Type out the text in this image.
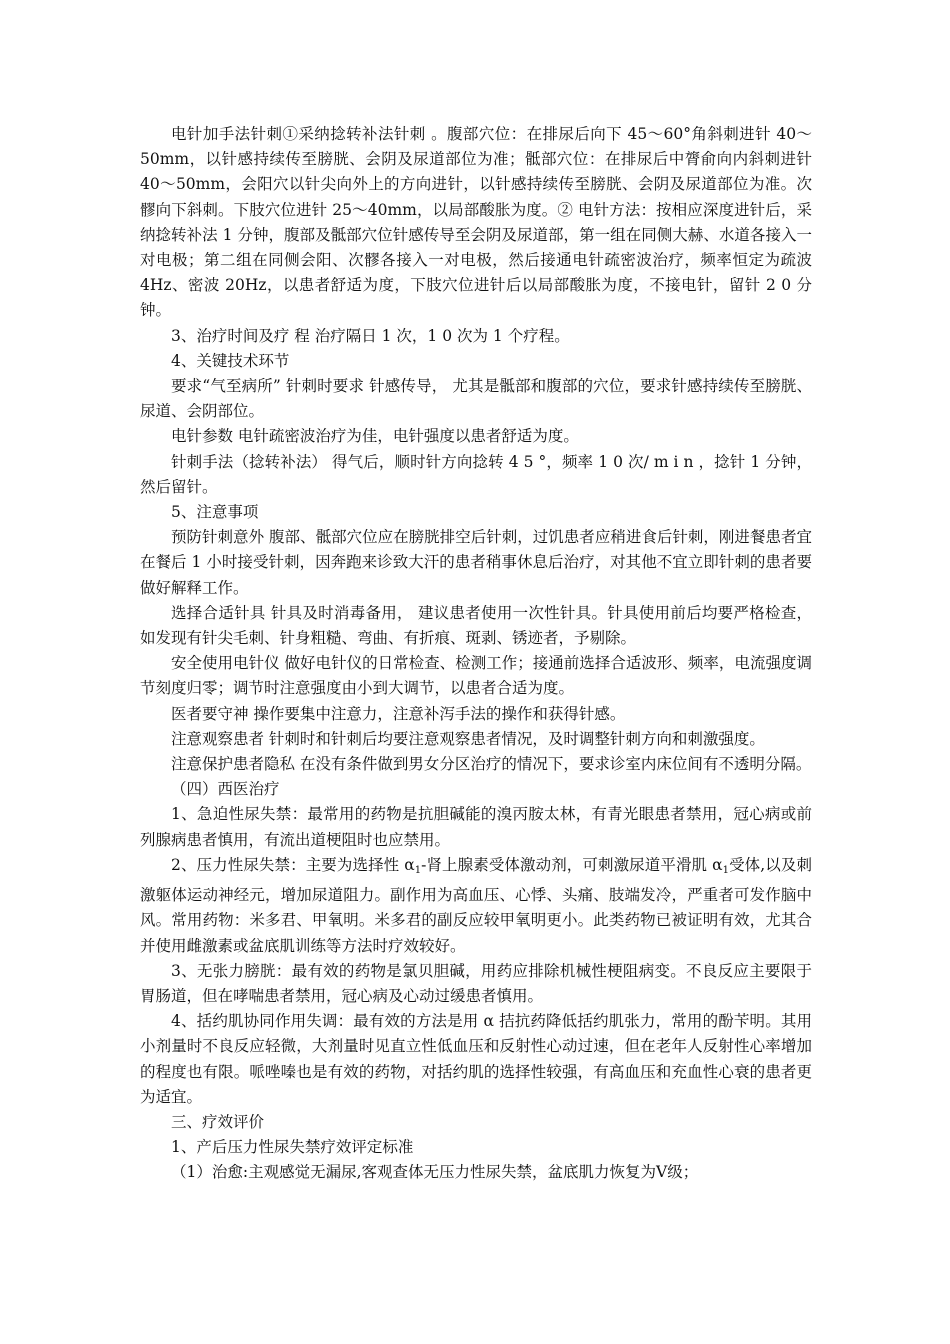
电针加手法针刺①采纳捻转补法针刺 。腹部穴位：在排尿后向下 45～60°角斜刺进针 40～50mm，以针感持续传至膀胱、会阴及尿道部位为准；骶部穴位：在排尿后中膂俞向内斜刺进针 40～50mm，会阳穴以针尖向外上的方向进针，以针感持续传至膀胱、会阴及尿道部位为准。次髎向下斜刺。下肢穴位进针 25～40mm，以局部酸胀为度。② 电针方法：按相应深度进针后，采纳捻转补法 1 分钟，腹部及骶部穴位针感传导至会阴及尿道部，第一组在同侧大赫、水道各接入一对电极；第二组在同侧会阳、次髎各接入一对电极，然后接通电针疏密波治疗，频率恒定为疏波 4Hz、密波 20Hz，以患者舒适为度，下肢穴位进针后以局部酸胀为度，不接电针，留针 2 0 分钟。

3、治疗时间及疗 程 治疗隔日 1 次，1 0 次为 1 个疗程。

4、关键技术环节

要求“气至病所” 针刺时要求 针感传导， 尤其是骶部和腹部的穴位，要求针感持续传至膀胱、尿道、会阴部位。

电针参数 电针疏密波治疗为佳，电针强度以患者舒适为度。

针刺手法（捻转补法） 得气后，顺时针方向捻转 4 5 °，频率 1 0 次/ m i n ，捻针 1 分钟，然后留针。

5、注意事项

预防针刺意外 腹部、骶部穴位应在膀胱排空后针刺，过饥患者应稍进食后针刺，刚进餐患者宜在餐后 1 小时接受针刺，因奔跑来诊致大汗的患者稍事休息后治疗，对其他不宜立即针刺的患者要做好解释工作。

选择合适针具 针具及时消毒备用， 建议患者使用一次性针具。针具使用前后均要严格检查，如发现有针尖毛刺、针身粗糙、弯曲、有折痕、斑剥、锈迹者，予剔除。

安全使用电针仪 做好电针仪的日常检查、检测工作；接通前选择合适波形、频率，电流强度调节刻度归零；调节时注意强度由小到大调节，以患者合适为度。

医者要守神 操作要集中注意力，注意补泻手法的操作和获得针感。

注意观察患者 针刺时和针刺后均要注意观察患者情况，及时调整针刺方向和刺激强度。

注意保护患者隐私 在没有条件做到男女分区治疗的情况下，要求诊室内床位间有不透明分隔。

（四）西医治疗

1、急迫性尿失禁：最常用的药物是抗胆碱能的溴丙胺太林，有青光眼患者禁用，冠心病或前列腺病患者慎用，有流出道梗阻时也应禁用。

2、压力性尿失禁：主要为选择性 $\alpha_1-$肾上腺素受体激动剂，可刺激尿道平滑肌 $\alpha_1$受体,以及刺激躯体运动神经元，增加尿道阻力。副作用为高血压、心悸、头痛、肢端发冷，严重者可发作脑中风。常用药物：米多君、甲氧明。米多君的副反应较甲氧明更小。此类药物已被证明有效，尤其合并使用雌激素或盆底肌训练等方法时疗效较好。

3、无张力膀胱：最有效的药物是氯贝胆碱，用药应排除机械性梗阻病变。不良反应主要限于胃肠道，但在哮喘患者禁用，冠心病及心动过缓患者慎用。

4、括约肌协同作用失调：最有效的方法是用 α 拮抗药降低括约肌张力，常用的酚苄明。其用小剂量时不良反应轻微，大剂量时见直立性低血压和反射性心动过速，但在老年人反射性心率增加的程度也有限。哌唑嗪也是有效的药物，对括约肌的选择性较强，有高血压和充血性心衰的患者更为适宜。

三、疗效评价

1、产后压力性尿失禁疗效评定标准

（1）治愈:主观感觉无漏尿,客观查体无压力性尿失禁，盆底肌力恢复为Ⅴ级；
